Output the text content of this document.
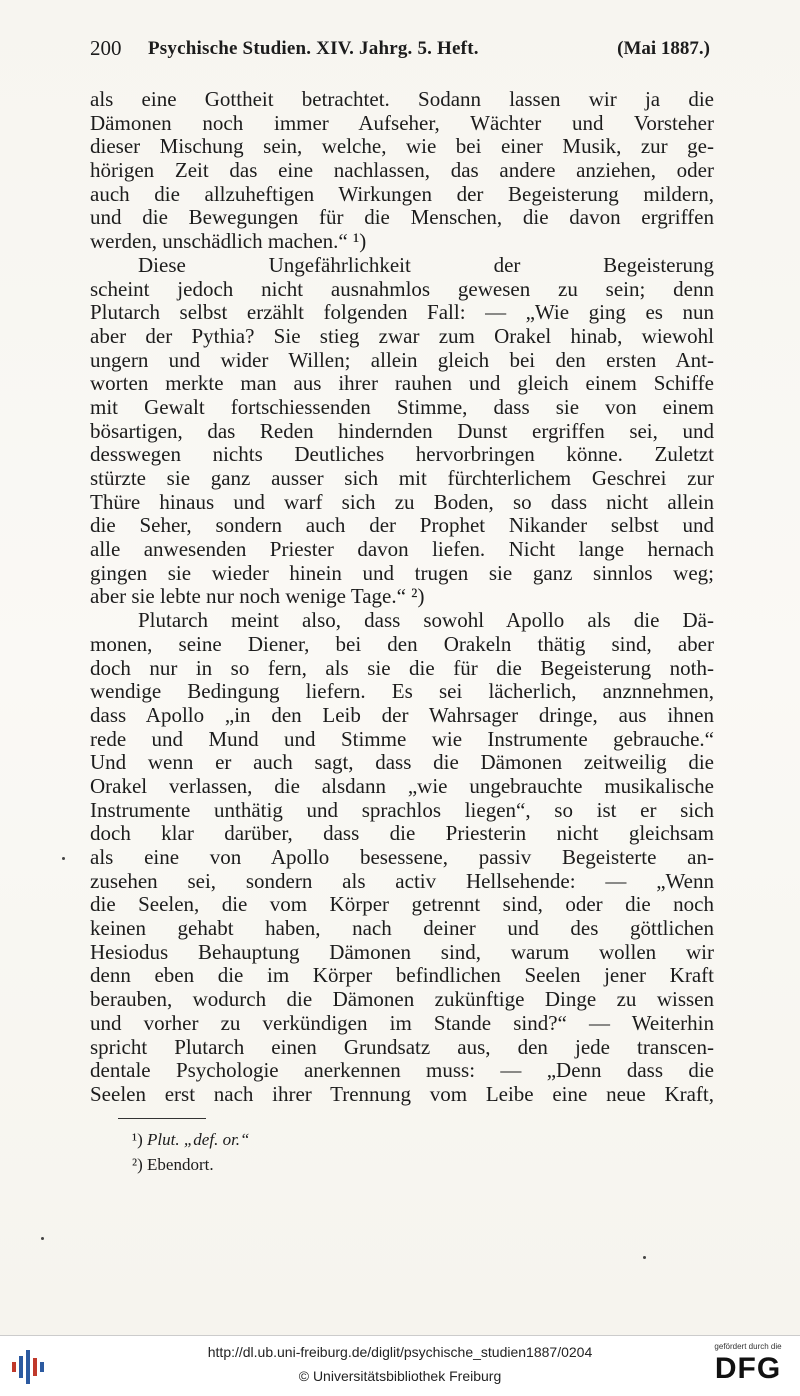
200 Psychische Studien. XIV. Jahrg. 5. Heft.	(Mai 1887.)
als eine Gottheit betrachtet. Sodann lassen wir ja die
Dämonen noch immer Aufseher, Wächter und Vorsteher
dieser Mischung sein, welche, wie bei einer Musik, zur ge-
hörigen Zeit das eine nachlassen, das andere anziehen, oder
auch die allzuheftigen Wirkungen der Begeisterung mildern,
und die Bewegungen für die Menschen, die davon ergriffen
werden, unschädlich machen.“ ¹)
Diese Ungefährlichkeit der Begeisterung
scheint jedoch nicht ausnahmlos gewesen zu sein; denn
Plutarch selbst erzählt folgenden Fall: — „Wie ging es nun
aber der Pythia? Sie stieg zwar zum Orakel hinab, wiewohl
ungern und wider Willen; allein gleich bei den ersten Ant-
worten merkte man aus ihrer rauhen und gleich einem Schiffe
mit Gewalt fortschiessenden Stimme, dass sie von einem
bösartigen, das Reden hindernden Dunst ergriffen sei, und
desswegen nichts Deutliches hervorbringen könne. Zuletzt
stürzte sie ganz ausser sich mit fürchterlichem Geschrei zur
Thüre hinaus und warf sich zu Boden, so dass nicht allein
die Seher, sondern auch der Prophet Nikander selbst und
alle anwesenden Priester davon liefen. Nicht lange hernach
gingen sie wieder hinein und trugen sie ganz sinnlos weg;
aber sie lebte nur noch wenige Tage.“ ²)
Plutarch meint also, dass sowohl Apollo als die Dä-
monen, seine Diener, bei den Orakeln thätig sind, aber
doch nur in so fern, als sie die für die Begeisterung noth-
wendige Bedingung liefern. Es sei lächerlich, anznnehmen,
dass Apollo „in den Leib der Wahrsager dringe, aus ihnen
rede und Mund und Stimme wie Instrumente gebrauche.“
Und wenn er auch sagt, dass die Dämonen zeitweilig die
Orakel verlassen, die alsdann „wie ungebrauchte musikalische
Instrumente unthätig und sprachlos liegen“, so ist er sich
doch klar darüber, dass die Priesterin nicht gleichsam
als eine von Apollo besessene, passiv Begeisterte an-
zusehen sei, sondern als activ Hellsehende: — „Wenn
die Seelen, die vom Körper getrennt sind, oder die noch
keinen gehabt haben, nach deiner und des göttlichen
Hesiodus Behauptung Dämonen sind, warum wollen wir
denn eben die im Körper befindlichen Seelen jener Kraft
berauben, wodurch die Dämonen zukünftige Dinge zu wissen
und vorher zu verkündigen im Stande sind?“ — Weiterhin
spricht Plutarch einen Grundsatz aus, den jede transcen-
dentale Psychologie anerkennen muss: — „Denn dass die
Seelen erst nach ihrer Trennung vom Leibe eine neue Kraft,
¹) Plut. „def. or.“
²) Ebendort.
http://dl.ub.uni-freiburg.de/diglit/psychische_studien1887/0204
© Universitätsbibliothek Freiburg
gefördert durch die
DFG
